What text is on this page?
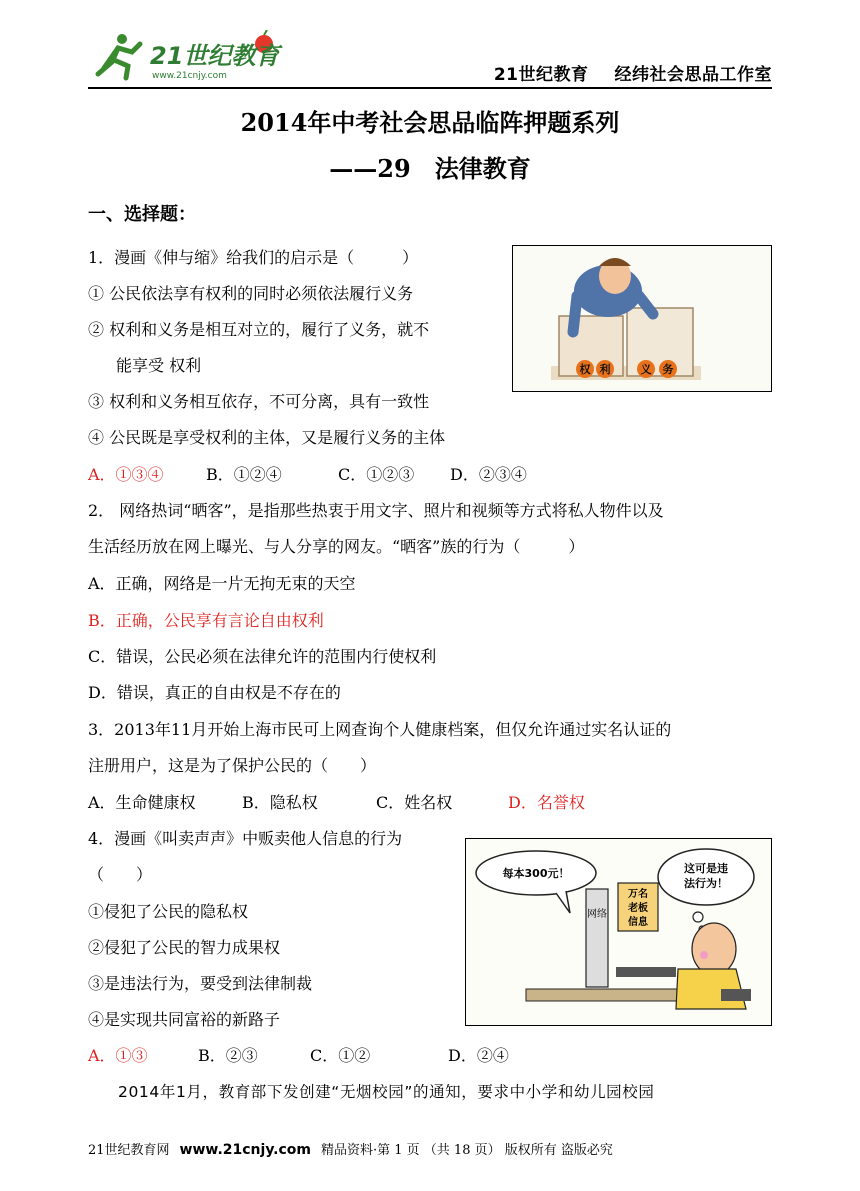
21世纪教育
www.21cnjy.com	21世纪教育 经纬社会思品工作室
2014年中考社会思品临阵押题系列
——29　法律教育
一、选择题：
1．漫画《伸与缩》给我们的启示是（　　　）
① 公民依法享有权利的同时必须依法履行义务
② 权利和义务是相互对立的，履行了义务，就不
能享受 权利
③ 权利和义务相互依存，不可分离，具有一致性
④ 公民既是享受权利的主体，又是履行义务的主体
A．①③④	B．①②④	C．①②③ D．②③④
权 利	义 务
2． 网络热词“晒客”，是指那些热衷于用文字、照片和视频等方式将私人物件以及
生活经历放在网上曝光、与人分享的网友。“晒客”族的行为（　　　）
A．正确，网络是一片无拘无束的天空
B．正确，公民享有言论自由权利
C．错误，公民必须在法律允许的范围内行使权利
D．错误，真正的自由权是不存在的
3．2013年11月开始上海市民可上网查询个人健康档案，但仅允许通过实名认证的
注册用户，这是为了保护公民的（　　）
A．生命健康权	B．隐私权	C．姓名权	D．名誉权
4．漫画《叫卖声声》中贩卖他人信息的行为
（　　）
①侵犯了公民的隐私权
②侵犯了公民的智力成果权
③是违法行为，要受到法律制裁
④是实现共同富裕的新路子
A．①③	B．②③	C．①②	D．②④
每本300元！	这可是违
法行为！
网络
万名
老板
信息
2014年1月，教育部下发创建“无烟校园”的通知，要求中小学和幼儿园校园
21世纪教育网 www.21cnjy.com 精品资料·第 1 页 （共 18 页） 版权所有 盗版必究
